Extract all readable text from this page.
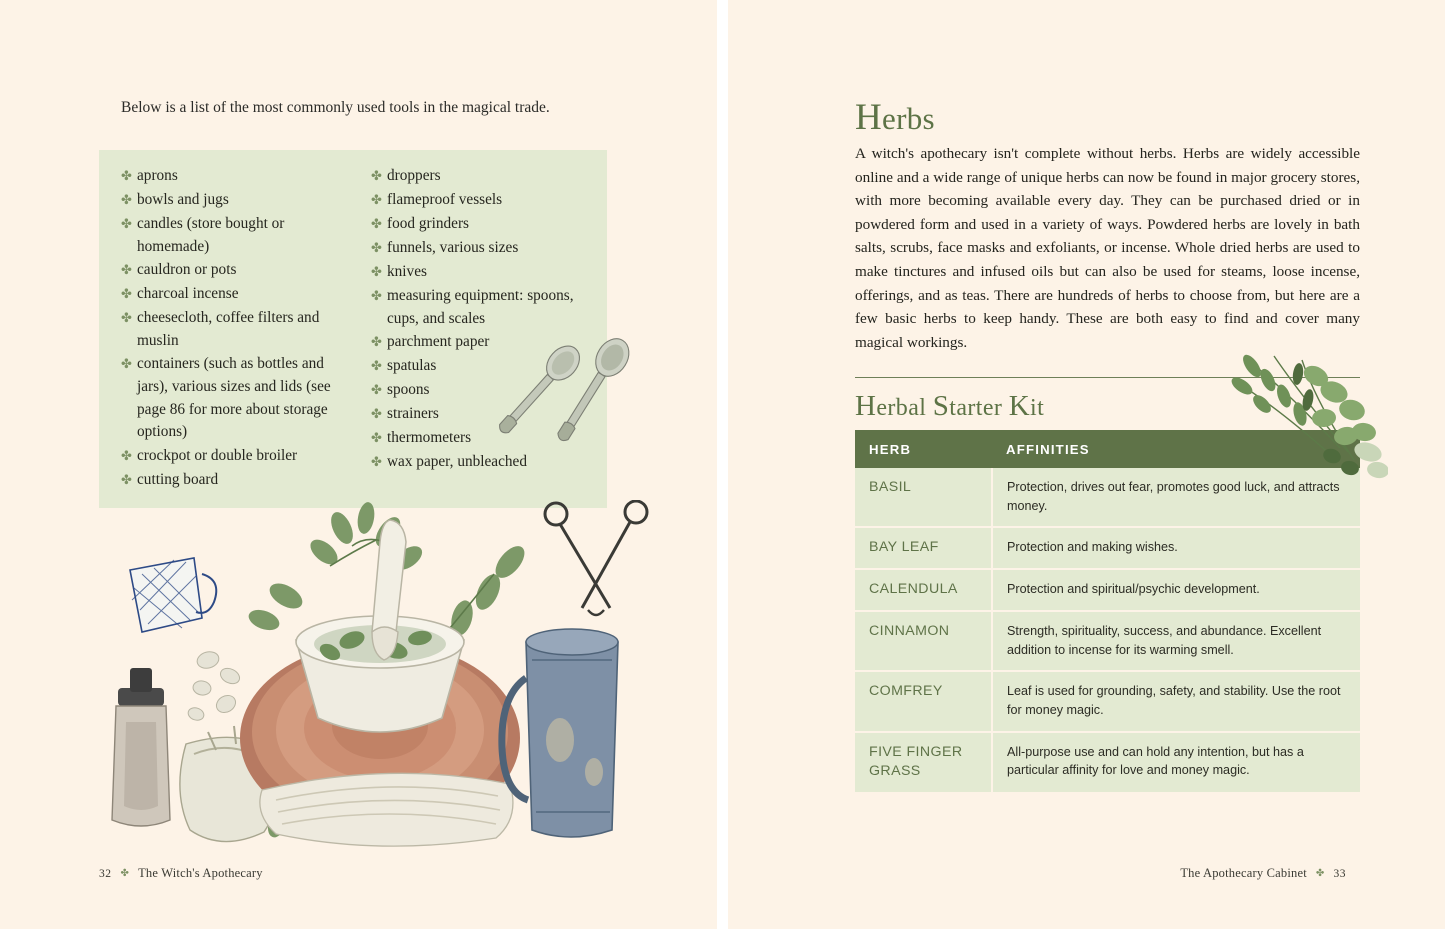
Below is a list of the most commonly used tools in the magical trade.
✤ aprons
✤ bowls and jugs
✤ candles (store bought or homemade)
✤ cauldron or pots
✤ charcoal incense
✤ cheesecloth, coffee filters and muslin
✤ containers (such as bottles and jars), various sizes and lids (see page 86 for more about storage options)
✤ crockpot or double broiler
✤ cutting board
✤ droppers
✤ flameproof vessels
✤ food grinders
✤ funnels, various sizes
✤ knives
✤ measuring equipment: spoons, cups, and scales
✤ parchment paper
✤ spatulas
✤ spoons
✤ strainers
✤ thermometers
✤ wax paper, unbleached
32 ✤ The Witch's Apothecary
Herbs
A witch's apothecary isn't complete without herbs. Herbs are widely accessible online and a wide range of unique herbs can now be found in major grocery stores, with more becoming available every day. They can be purchased dried or in powdered form and used in a variety of ways. Powdered herbs are lovely in bath salts, scrubs, face masks and exfoliants, or incense. Whole dried herbs are used to make tinctures and infused oils but can also be used for steams, loose incense, offerings, and as teas. There are hundreds of herbs to choose from, but here are a few basic herbs to keep handy. These are both easy to find and cover many magical workings.
Herbal Starter Kit
HERB	AFFINITIES
BASIL	Protection, drives out fear, promotes good luck, and attracts money.
BAY LEAF	Protection and making wishes.
CALENDULA	Protection and spiritual/psychic development.
CINNAMON	Strength, spirituality, success, and abundance. Excellent addition to incense for its warming smell.
COMFREY	Leaf is used for grounding, safety, and stability. Use the root for money magic.
FIVE FINGER GRASS	All-purpose use and can hold any intention, but has a particular affinity for love and money magic.
The Apothecary Cabinet ✤ 33
